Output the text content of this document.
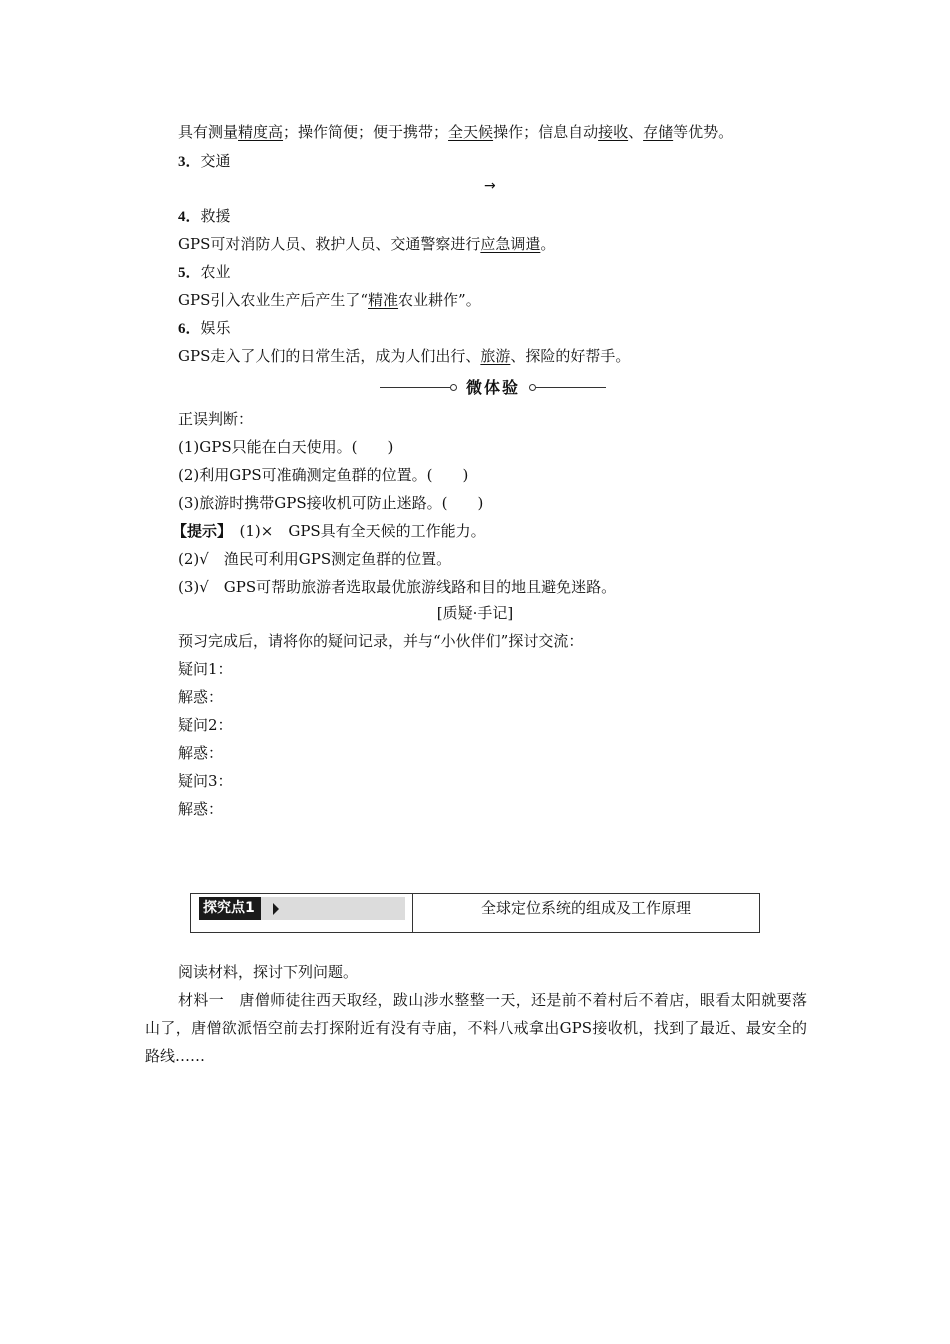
具有测量精度高；操作简便；便于携带；全天候操作；信息自动接收、存储等优势。
3．交通
→
4．救援
GPS可对消防人员、救护人员、交通警察进行应急调遣。
5．农业
GPS引入农业生产后产生了“精准农业耕作”。
6．娱乐
GPS走入了人们的日常生活，成为人们出行、旅游、探险的好帮手。
微体验
正误判断：
(1)GPS只能在白天使用。(　　)
(2)利用GPS可准确测定鱼群的位置。(　　)
(3)旅游时携带GPS接收机可防止迷路。(　　)
【提示】　(1)×　GPS具有全天候的工作能力。
(2)√　渔民可利用GPS测定鱼群的位置。
(3)√　GPS可帮助旅游者选取最优旅游线路和目的地且避免迷路。
[质疑·手记]
预习完成后，请将你的疑问记录，并与“小伙伴们”探讨交流：
疑问1：
解惑：
疑问2：
解惑：
疑问3：
解惑：
探究点1	全球定位系统的组成及工作原理
阅读材料，探讨下列问题。
材料一　唐僧师徒往西天取经，跋山涉水整整一天，还是前不着村后不着店，眼看太阳就要落山了，唐僧欲派悟空前去打探附近有没有寺庙，不料八戒拿出GPS接收机，找到了最近、最安全的路线……
